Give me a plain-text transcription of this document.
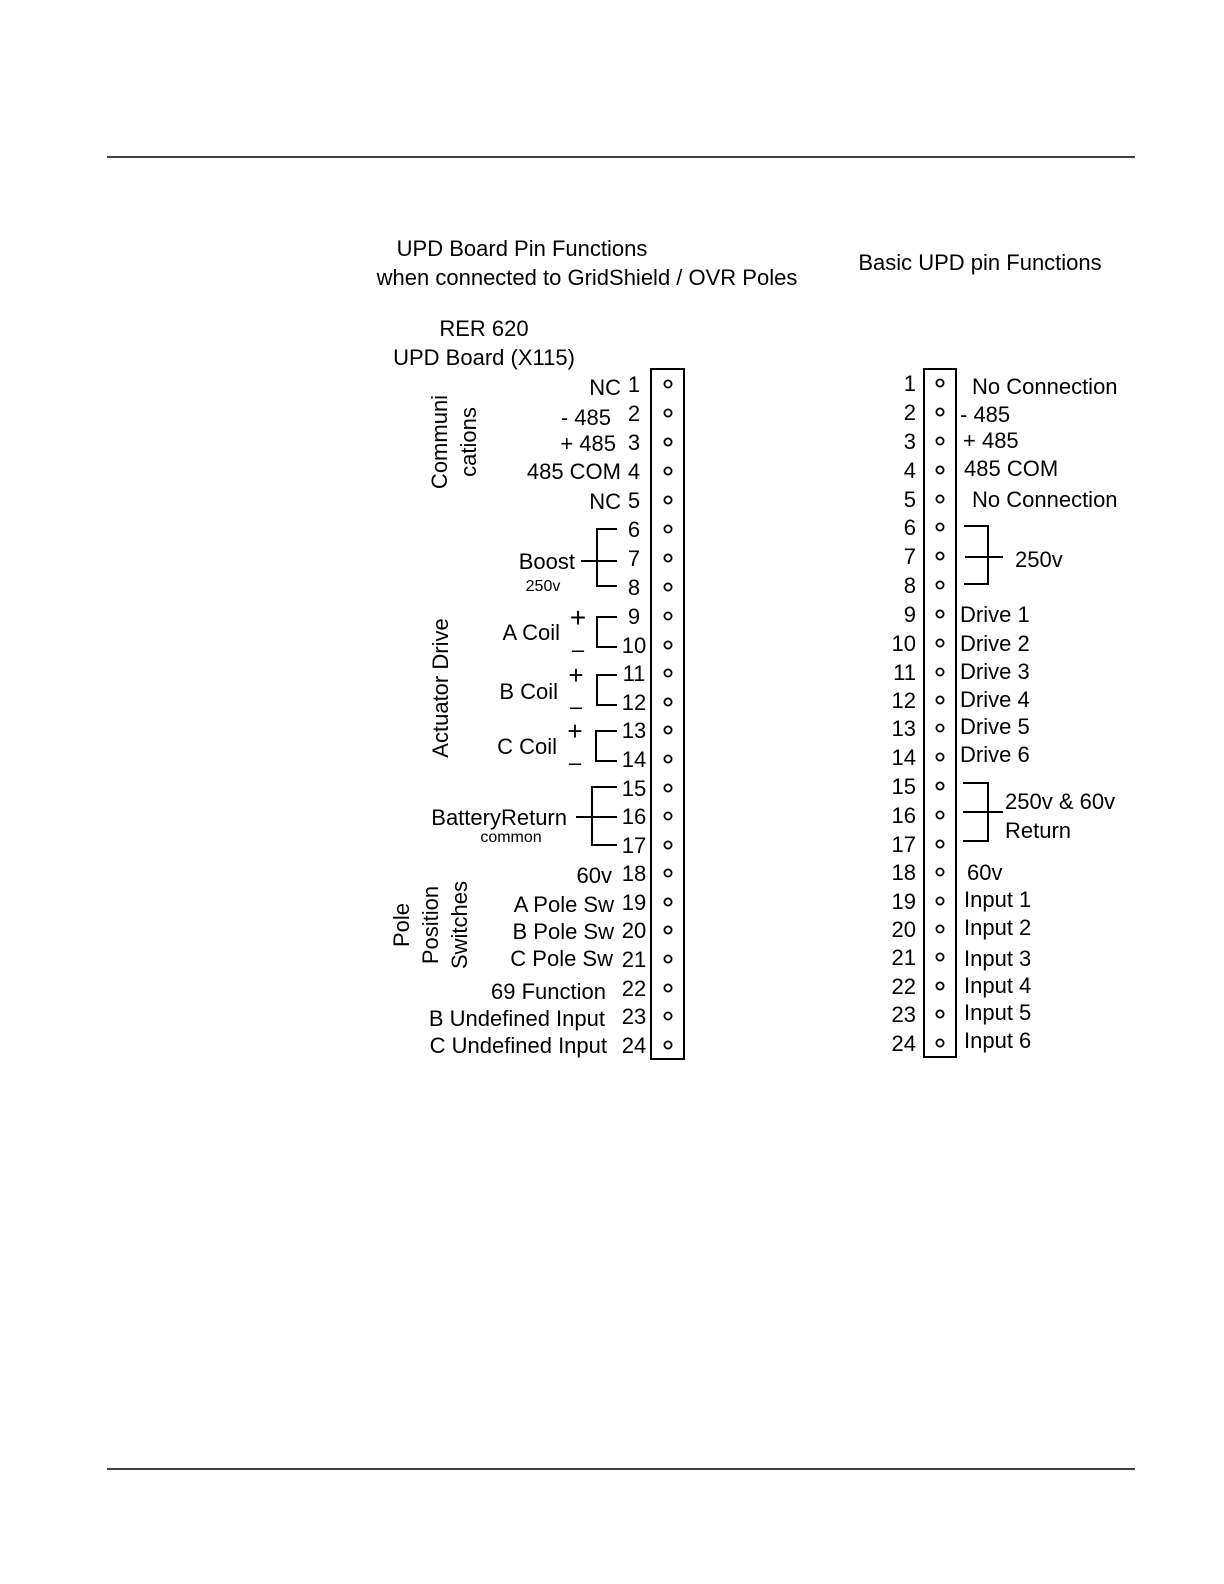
UPD Board Pin Functions
when connected to GridShield / OVR Poles
Basic UPD pin Functions
RER 620
UPD Board (X115)
1
2
3
4
5
6
7
8
9
10
11
12
13
14
15
16
17
18
19
20
21
22
23
24
1
2
3
4
5
6
7
8
9
10
11
12
13
14
15
16
17
18
19
20
21
22
23
24
Communi cations
Actuator Drive
Pole Position Switches
NC
- 485
+ 485
485 COM
NC
Boost
250v
A Coil
B Coil
C Coil
+
–
+
–
+
–
BatteryReturn
common
60v
A Pole Sw
B Pole Sw
C Pole Sw
69 Function
B Undefined Input
C Undefined Input
No Connection
- 485
+ 485
485 COM
No Connection
250v
Drive 1
Drive 2
Drive 3
Drive 4
Drive 5
Drive 6
250v & 60v
Return
60v
Input 1
Input 2
Input 3
Input 4
Input 5
Input 6
